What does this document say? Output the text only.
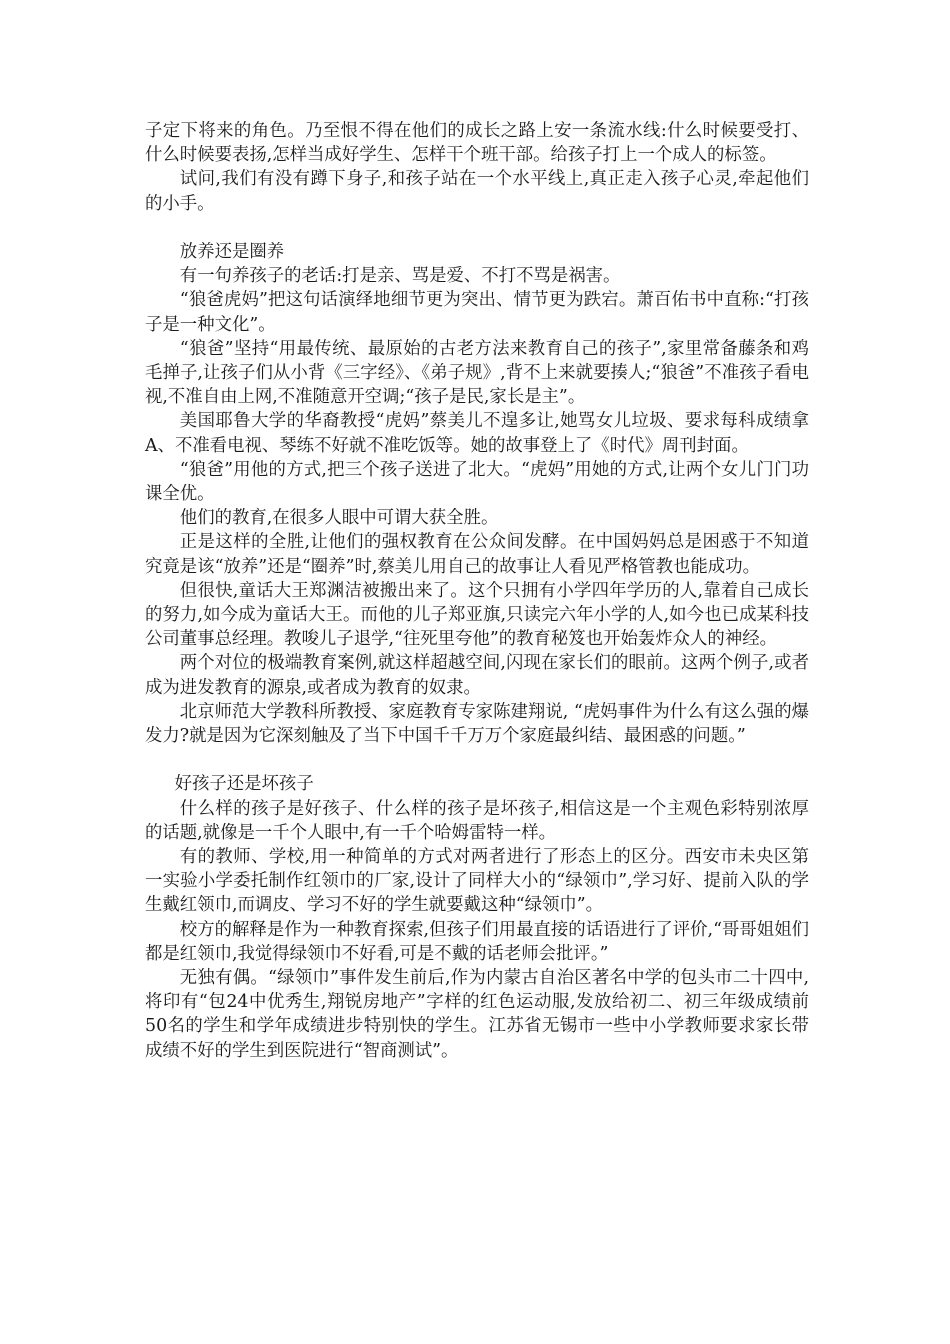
子定下将来的角色。乃至恨不得在他们的成长之路上安一条流水线:什么时候要受打、什么时候要表扬,怎样当成好学生、怎样干个班干部。给孩子打上一个成人的标签。

试问,我们有没有蹲下身子,和孩子站在一个水平线上,真正走入孩子心灵,牵起他们的小手。

放养还是圈养

有一句养孩子的老话:打是亲、骂是爱、不打不骂是祸害。

“狼爸虎妈”把这句话演绎地细节更为突出、情节更为跌宕。萧百佑书中直称:“打孩子是一种文化”。

“狼爸”坚持“用最传统、最原始的古老方法来教育自己的孩子”,家里常备藤条和鸡毛掸子,让孩子们从小背《三字经》、《弟子规》,背不上来就要揍人;“狼爸”不准孩子看电视,不准自由上网,不准随意开空调;“孩子是民,家长是主”。

美国耶鲁大学的华裔教授“虎妈”蔡美儿不遑多让,她骂女儿垃圾、要求每科成绩拿A、不准看电视、琴练不好就不准吃饭等。她的故事登上了《时代》周刊封面。

“狼爸”用他的方式,把三个孩子送进了北大。“虎妈”用她的方式,让两个女儿门门功课全优。

他们的教育,在很多人眼中可谓大获全胜。

正是这样的全胜,让他们的强权教育在公众间发酵。在中国妈妈总是困惑于不知道究竟是该“放养”还是“圈养”时,蔡美儿用自己的故事让人看见严格管教也能成功。

但很快,童话大王郑渊洁被搬出来了。这个只拥有小学四年学历的人,靠着自己成长的努力,如今成为童话大王。而他的儿子郑亚旗,只读完六年小学的人,如今也已成某科技公司董事总经理。教唆儿子退学,“往死里夸他”的教育秘笈也开始轰炸众人的神经。

两个对位的极端教育案例,就这样超越空间,闪现在家长们的眼前。这两个例子,或者成为进发教育的源泉,或者成为教育的奴隶。

北京师范大学教科所教授、家庭教育专家陈建翔说, “虎妈事件为什么有这么强的爆发力?就是因为它深刻触及了当下中国千千万万个家庭最纠结、最困惑的问题。”

好孩子还是坏孩子

什么样的孩子是好孩子、什么样的孩子是坏孩子,相信这是一个主观色彩特别浓厚的话题,就像是一千个人眼中,有一千个哈姆雷特一样。

有的教师、学校,用一种简单的方式对两者进行了形态上的区分。西安市未央区第一实验小学委托制作红领巾的厂家,设计了同样大小的“绿领巾”,学习好、提前入队的学生戴红领巾,而调皮、学习不好的学生就要戴这种“绿领巾”。

校方的解释是作为一种教育探索,但孩子们用最直接的话语进行了评价,“哥哥姐姐们都是红领巾,我觉得绿领巾不好看,可是不戴的话老师会批评。”

无独有偶。“绿领巾”事件发生前后,作为内蒙古自治区著名中学的包头市二十四中,将印有“包24中优秀生,翔锐房地产”字样的红色运动服,发放给初二、初三年级成绩前50名的学生和学年成绩进步特别快的学生。江苏省无锡市一些中小学教师要求家长带成绩不好的学生到医院进行“智商测试”。
